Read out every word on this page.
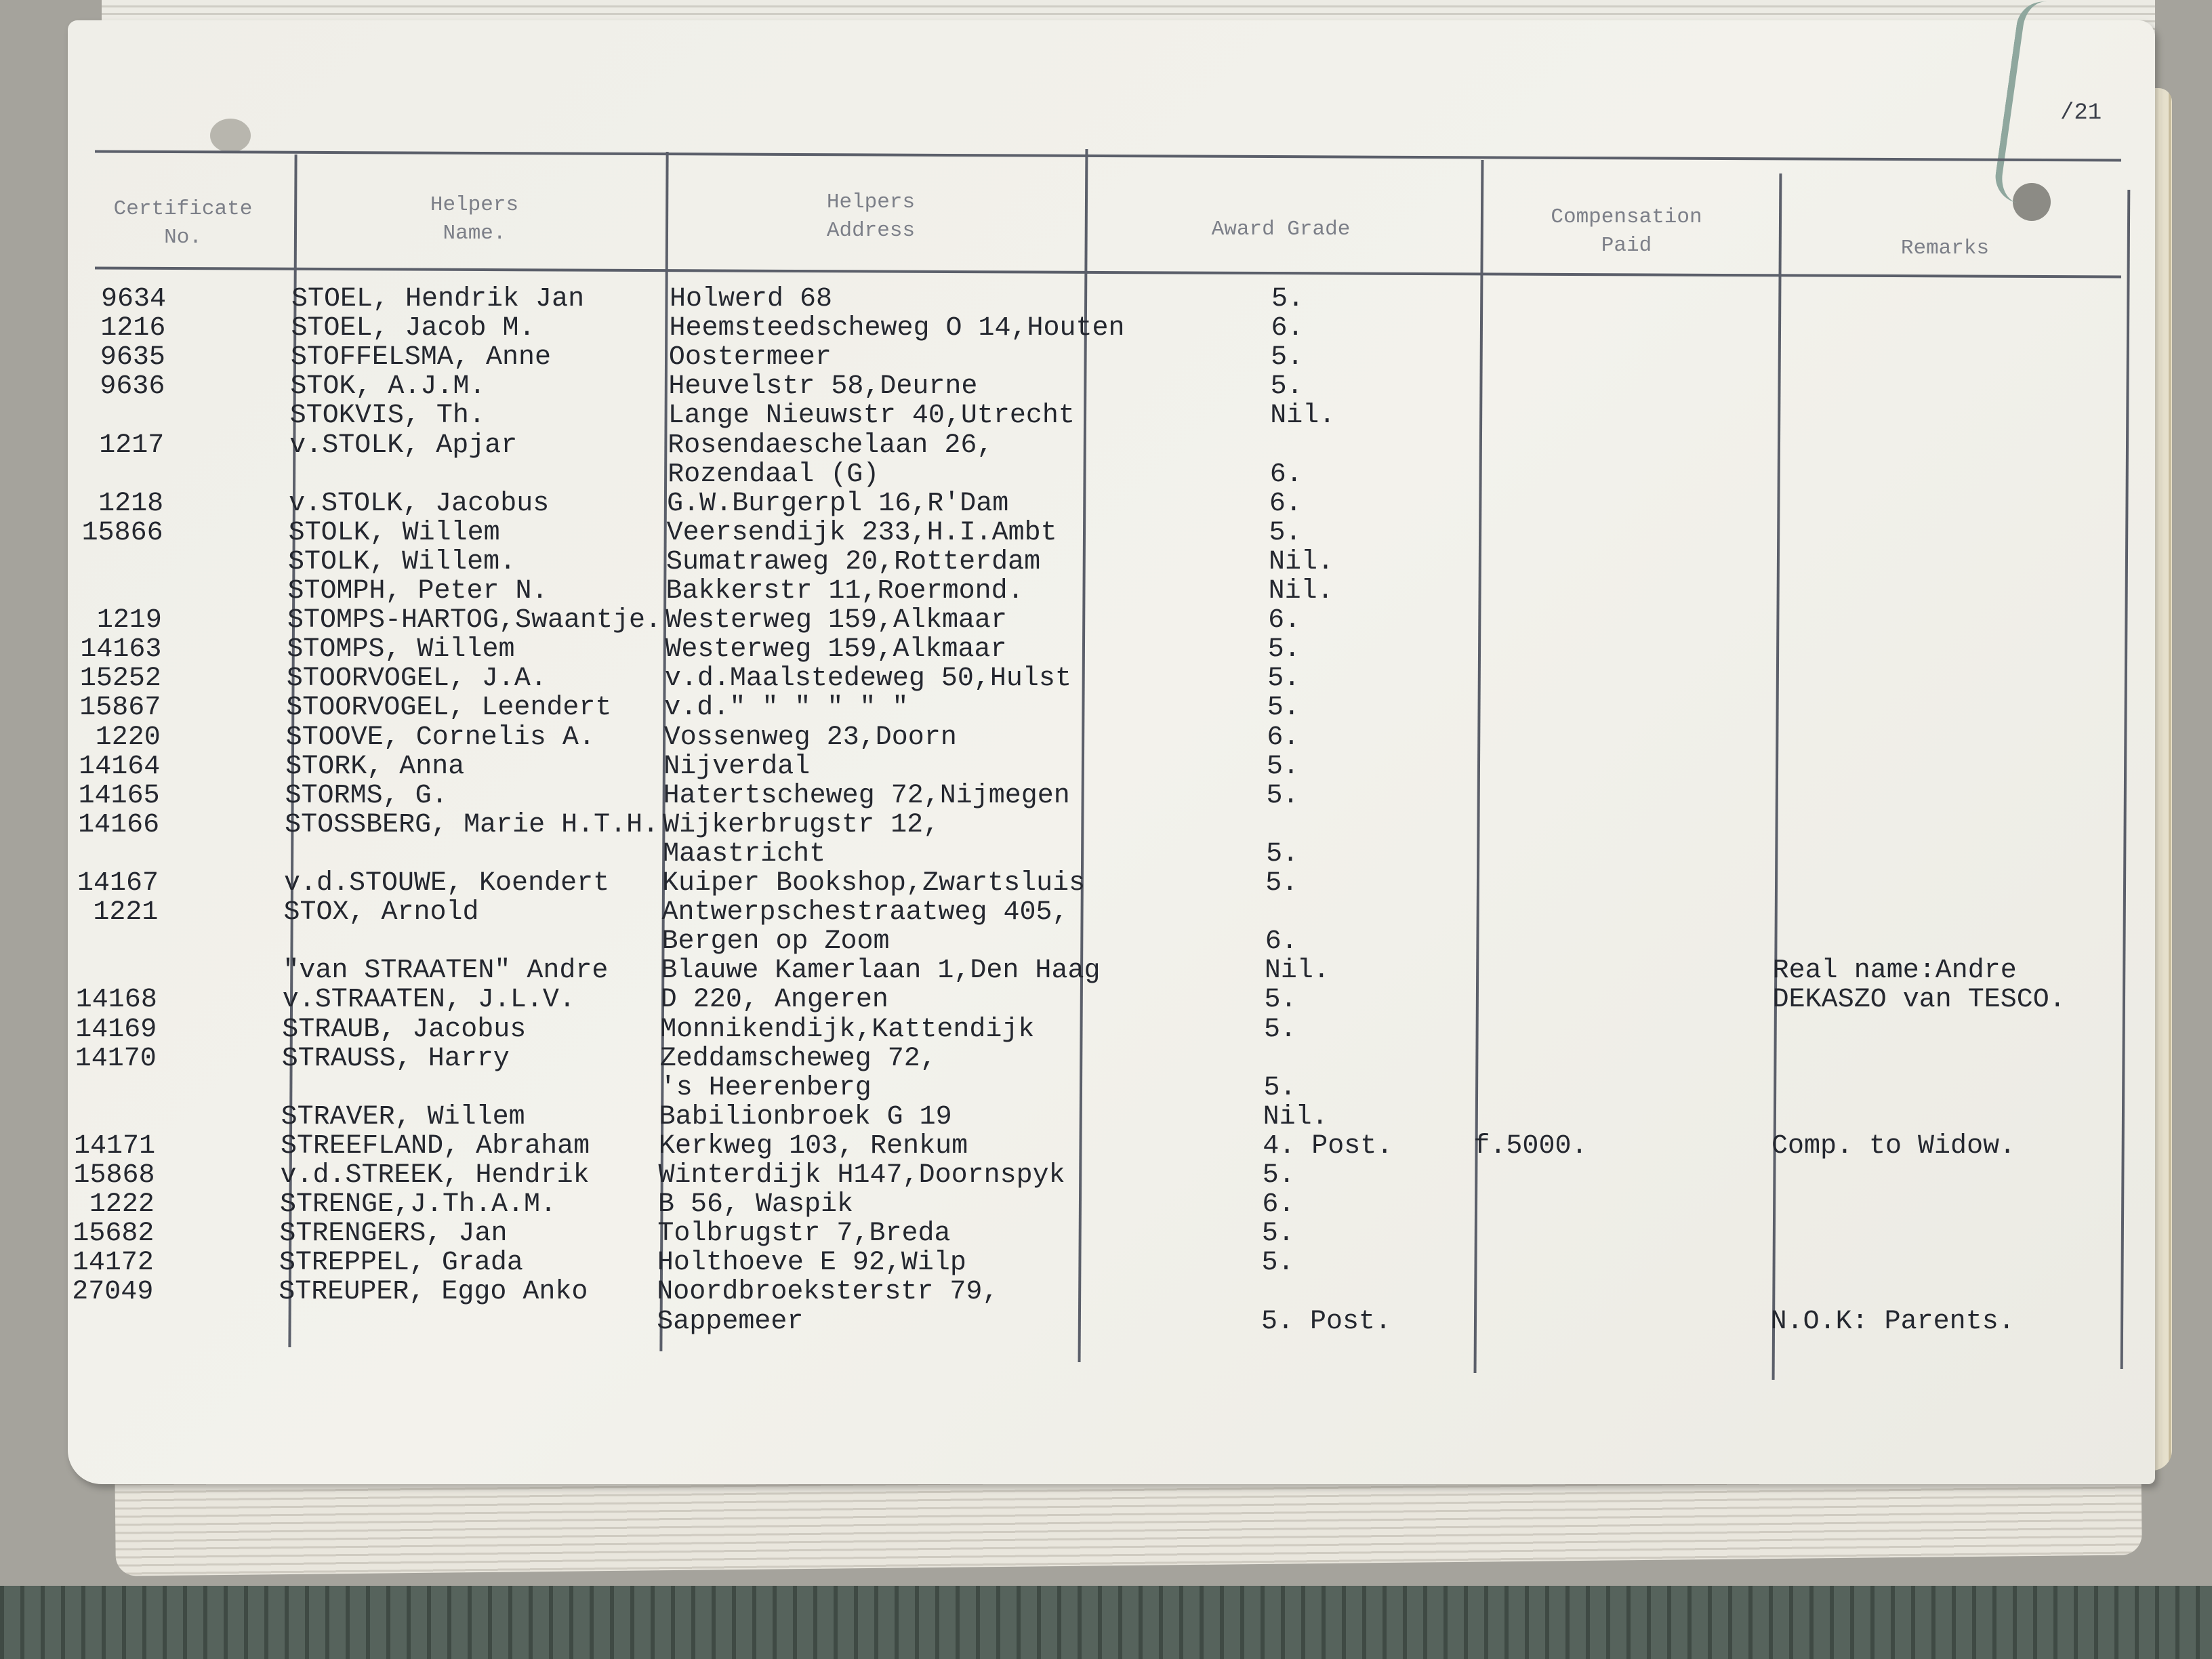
/21
Certificate
No.
Helpers
Name.
Helpers
Address	Award Grade
Compensation
Paid	Remarks
9634	STOEL, Hendrik Jan	Holwerd 68	5.
1216	STOEL, Jacob M.	Heemsteedscheweg O 14,Houten	6.
9635	STOFFELSMA, Anne	Oostermeer	5.
9636	STOK, A.J.M.	Heuvelstr 58,Deurne	5.
STOKVIS, Th.	Lange Nieuwstr 40,Utrecht	Nil.
1217	v.STOLK, Apjar	Rosendaeschelaan 26,
Rozendaal (G)	6.
1218	v.STOLK, Jacobus	G.W.Burgerpl 16,R'Dam	6.
15866	STOLK, Willem	Veersendijk 233,H.I.Ambt	5.
STOLK, Willem.	Sumatraweg 20,Rotterdam	Nil.
STOMPH, Peter N.	Bakkerstr 11,Roermond.	Nil.
1219	STOMPS-HARTOG,Swaantje. Westerweg 159,Alkmaar	6.
14163	STOMPS, Willem	Westerweg 159,Alkmaar	5.
15252	STOORVOGEL, J.A.	v.d.Maalstedeweg 50,Hulst	5.
15867	STOORVOGEL, Leendert v.d." " " " " "	5.
1220	STOOVE, Cornelis A.	Vossenweg 23,Doorn	6.
14164	STORK, Anna	Nijverdal	5.
14165	STORMS, G.	Hatertscheweg 72,Nijmegen	5.
14166	STOSSBERG, Marie H.T.H. Wijkerbrugstr 12,
Maastricht	5.
14167	v.d.STOUWE, Koendert Kuiper Bookshop,Zwartsluis	5.
1221	STOX, Arnold	Antwerpschestraatweg 405,
Bergen op Zoom	6.
"van STRAATEN" Andre Blauwe Kamerlaan 1,Den Haag	Nil.	Real name:Andre
DEKASZO van TESCO.
14168	v.STRAATEN, J.L.V.	D 220, Angeren	5.
14169	STRAUB, Jacobus	Monnikendijk,Kattendijk	5.
14170	STRAUSS, Harry	Zeddamscheweg 72,
's Heerenberg	5.
STRAVER, Willem	Babilionbroek G 19	Nil.
14171	STREEFLAND, Abraham	Kerkweg 103, Renkum	4. Post.	f.5000.	Comp. to Widow.
15868	v.d.STREEK, Hendrik	Winterdijk H147,Doornspyk	5.
1222	STRENGE,J.Th.A.M.	B 56, Waspik	6.
15682	STRENGERS, Jan	Tolbrugstr 7,Breda	5.
14172	STREPPEL, Grada	Holthoeve E 92,Wilp	5.
27049	STREUPER, Eggo Anko	Noordbroeksterstr 79,
Sappemeer	5. Post.	N.O.K: Parents.
